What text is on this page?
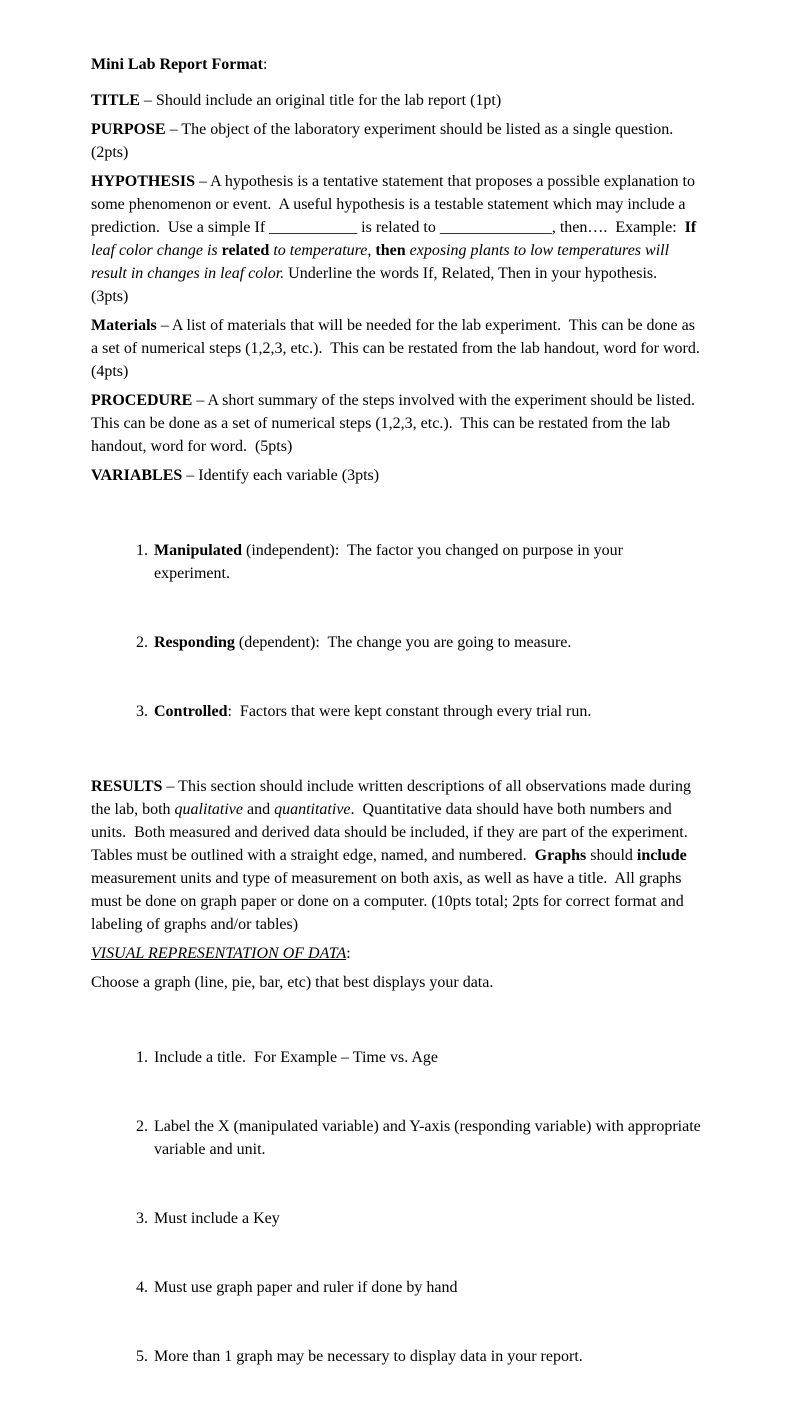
Mini Lab Report Format:

TITLE – Should include an original title for the lab report (1pt)

PURPOSE – The object of the laboratory experiment should be listed as a single question.  (2pts)

HYPOTHESIS – A hypothesis is a tentative statement that proposes a possible explanation to some phenomenon or event.  A useful hypothesis is a testable statement which may include a prediction.  Use a simple If ___________ is related to ______________, then….  Example:  If leaf color change is related to temperature, then exposing plants to low temperatures will result in changes in leaf color. Underline the words If, Related, Then in your hypothesis.  (3pts)

Materials – A list of materials that will be needed for the lab experiment.  This can be done as a set of numerical steps (1,2,3, etc.).  This can be restated from the lab handout, word for word.  (4pts)

PROCEDURE – A short summary of the steps involved with the experiment should be listed.  This can be done as a set of numerical steps (1,2,3, etc.).  This can be restated from the lab handout, word for word.  (5pts)

VARIABLES – Identify each variable (3pts)

1. Manipulated (independent):  The factor you changed on purpose in your experiment.

2. Responding (dependent):  The change you are going to measure.

3. Controlled:  Factors that were kept constant through every trial run.

RESULTS – This section should include written descriptions of all observations made during the lab, both qualitative and quantitative.  Quantitative data should have both numbers and units.  Both measured and derived data should be included, if they are part of the experiment.  Tables must be outlined with a straight edge, named, and numbered.  Graphs should include measurement units and type of measurement on both axis, as well as have a title.  All graphs must be done on graph paper or done on a computer. (10pts total; 2pts for correct format and labeling of graphs and/or tables)

VISUAL REPRESENTATION OF DATA:

Choose a graph (line, pie, bar, etc) that best displays your data.

1. Include a title.  For Example – Time vs. Age

2. Label the X (manipulated variable) and Y-axis (responding variable) with appropriate variable and unit.

3. Must include a Key

4. Must use graph paper and ruler if done by hand

5. More than 1 graph may be necessary to display data in your report.
